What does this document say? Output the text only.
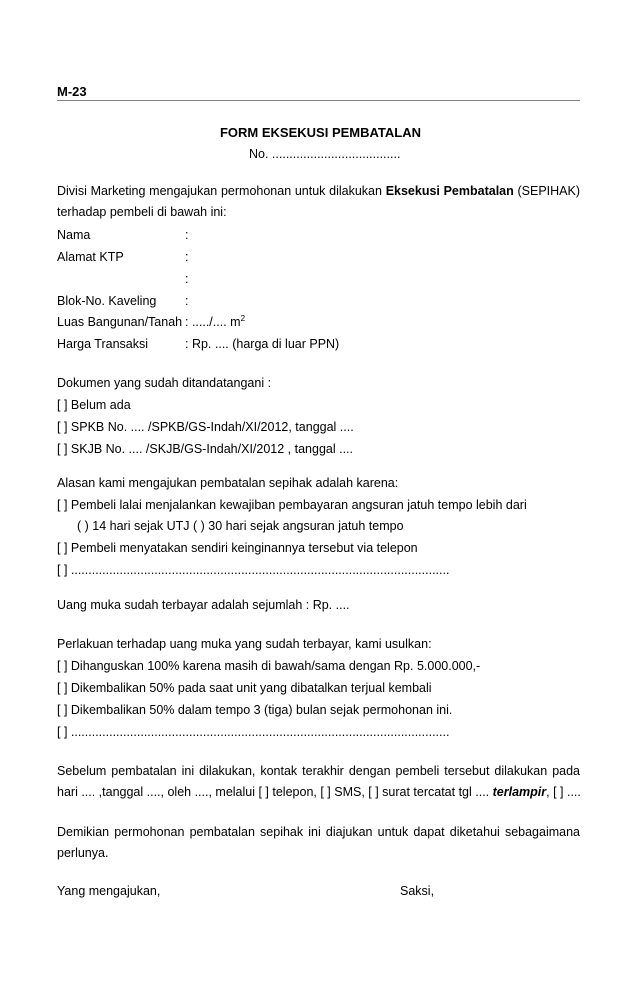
M-23
FORM EKSEKUSI PEMBATALAN
No. .....................................
Divisi Marketing mengajukan permohonan untuk dilakukan Eksekusi Pembatalan (SEPIHAK)
terhadap pembeli di bawah ini:
Nama	:
Alamat KTP	:
:
Blok-No. Kaveling :
Luas Bangunan/Tanah : ...../.... $m^2$
Harga Transaksi	: Rp. .... (harga di luar PPN)
Dokumen yang sudah ditandatangani :
[ ] Belum ada
[ ] SPKB No. .... /SPKB/GS-Indah/XI/2012, tanggal ....
[ ] SKJB No. .... /SKJB/GS-Indah/XI/2012 , tanggal ....
Alasan kami mengajukan pembatalan sepihak adalah karena:
[ ] Pembeli lalai menjalankan kewajiban pembayaran angsuran jatuh tempo lebih dari
( ) 14 hari sejak UTJ ( ) 30 hari sejak angsuran jatuh tempo
[ ] Pembeli menyatakan sendiri keinginannya tersebut via telepon
[ ] .............................................................................................................
Uang muka sudah terbayar adalah sejumlah : Rp. ....
Perlakuan terhadap uang muka yang sudah terbayar, kami usulkan:
[ ] Dihanguskan 100% karena masih di bawah/sama dengan Rp. 5.000.000,-
[ ] Dikembalikan 50% pada saat unit yang dibatalkan terjual kembali
[ ] Dikembalikan 50% dalam tempo 3 (tiga) bulan sejak permohonan ini.
[ ] .............................................................................................................
Sebelum pembatalan ini dilakukan, kontak terakhir dengan pembeli tersebut dilakukan pada
hari .... ,tanggal ...., oleh ...., melalui [ ] telepon, [ ] SMS, [ ] surat tercatat tgl .... terlampir, [ ] ....
Demikian permohonan pembatalan sepihak ini diajukan untuk dapat diketahui sebagaimana
perlunya.
Yang mengajukan,	Saksi,
